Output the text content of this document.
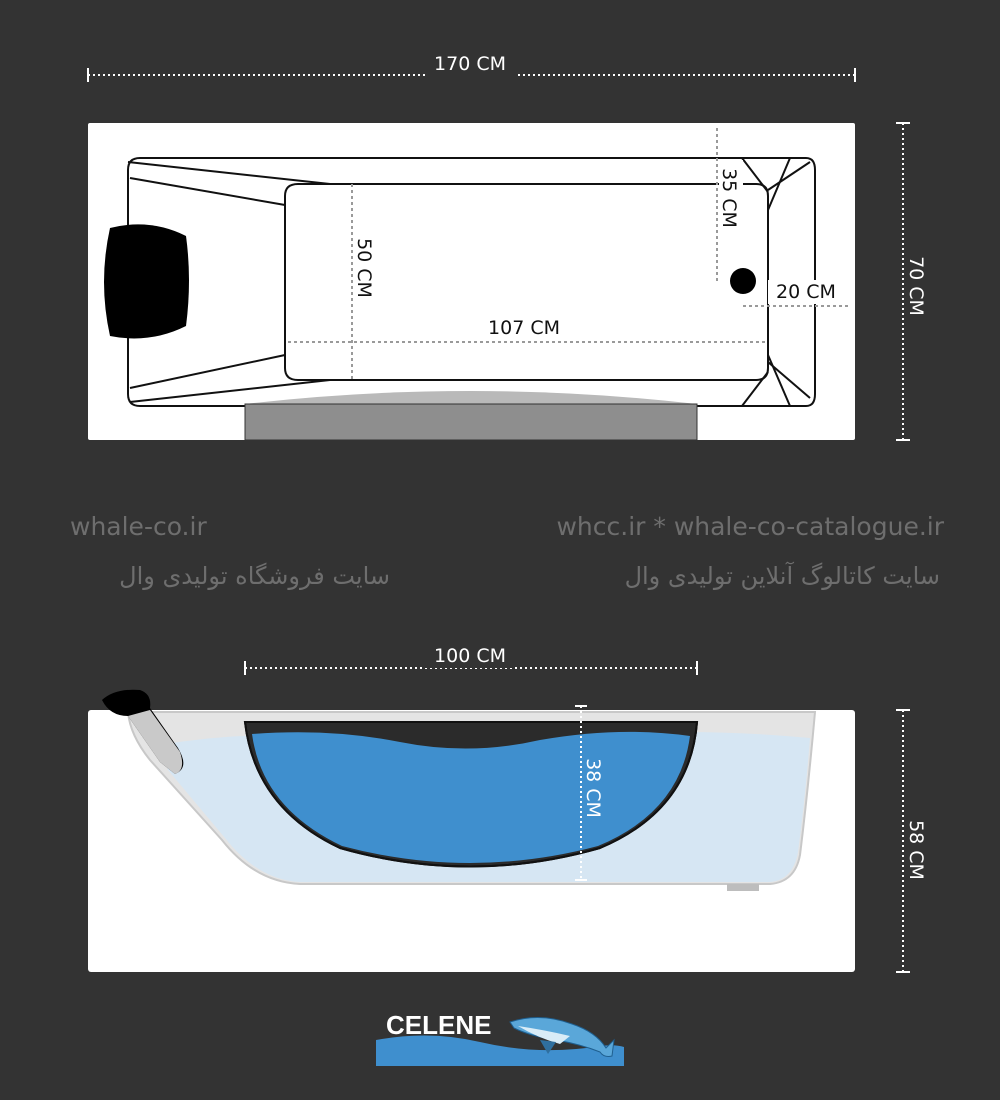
170 CM
50 CM
107 CM
35 CM
20 CM	70 CM
100 CM
38 CM
58 CM
CELENE
whale-co.ir
سایت فروشگاه تولیدی وال
whcc.ir * whale-co-catalogue.ir
سایت کاتالوگ آنلاین تولیدی وال
